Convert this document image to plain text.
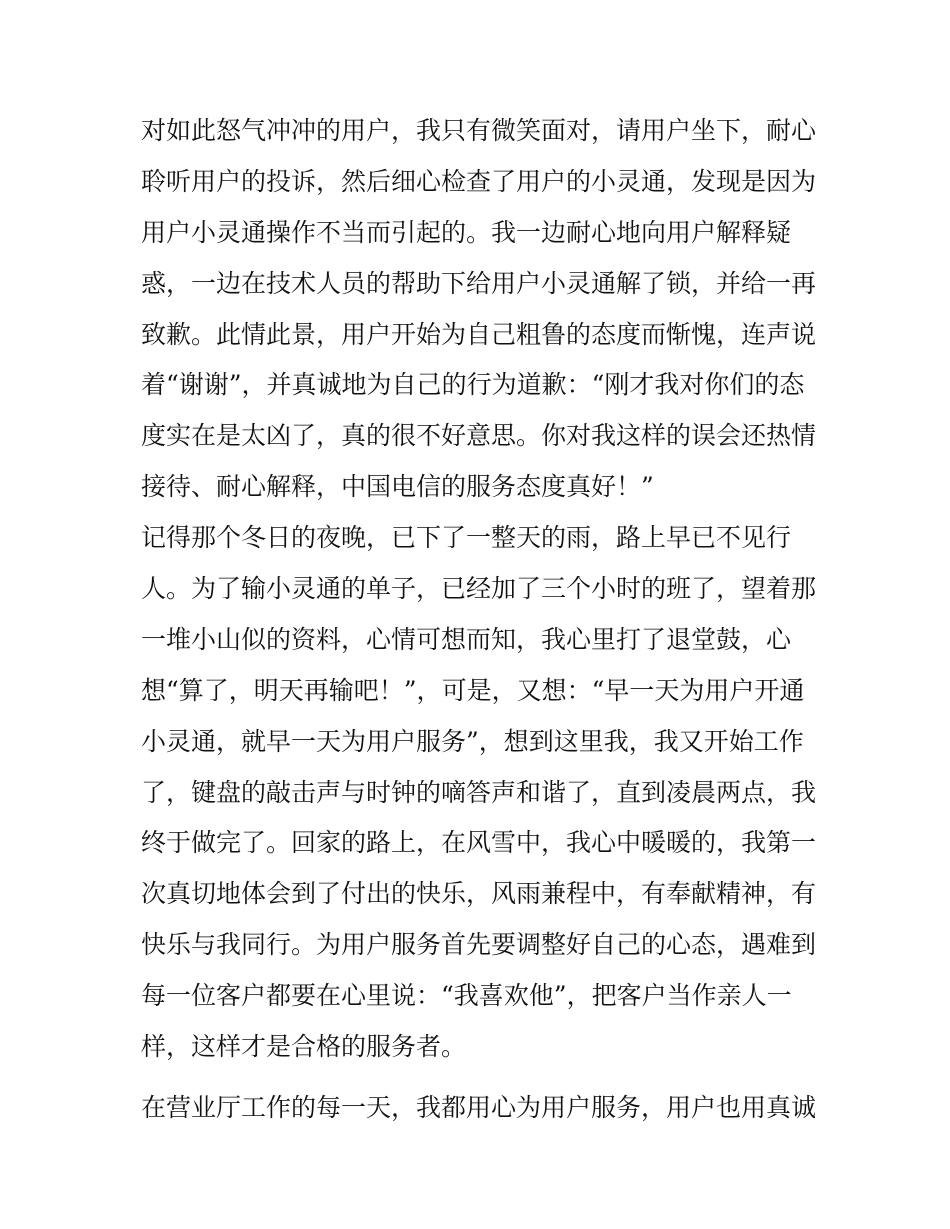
对如此怒气冲冲的用户，我只有微笑面对，请用户坐下，耐心
聆听用户的投诉，然后细心检查了用户的小灵通，发现是因为
用户小灵通操作不当而引起的。我一边耐心地向用户解释疑
惑，一边在技术人员的帮助下给用户小灵通解了锁，并给一再
致歉。此情此景，用户开始为自己粗鲁的态度而惭愧，连声说
着“谢谢”，并真诚地为自己的行为道歉：“刚才我对你们的态
度实在是太凶了，真的很不好意思。你对我这样的误会还热情
接待、耐心解释，中国电信的服务态度真好！”
记得那个冬日的夜晚，已下了一整天的雨，路上早已不见行
人。为了输小灵通的单子，已经加了三个小时的班了，望着那
一堆小山似的资料，心情可想而知，我心里打了退堂鼓，心
想“算了，明天再输吧！”，可是，又想：“早一天为用户开通
小灵通，就早一天为用户服务”，想到这里我，我又开始工作
了，键盘的敲击声与时钟的嘀答声和谐了，直到凌晨两点，我
终于做完了。回家的路上，在风雪中，我心中暖暖的，我第一
次真切地体会到了付出的快乐，风雨兼程中，有奉献精神，有
快乐与我同行。为用户服务首先要调整好自己的心态，遇难到
每一位客户都要在心里说：“我喜欢他”，把客户当作亲人一
样，这样才是合格的服务者。
在营业厅工作的每一天，我都用心为用户服务，用户也用真诚
